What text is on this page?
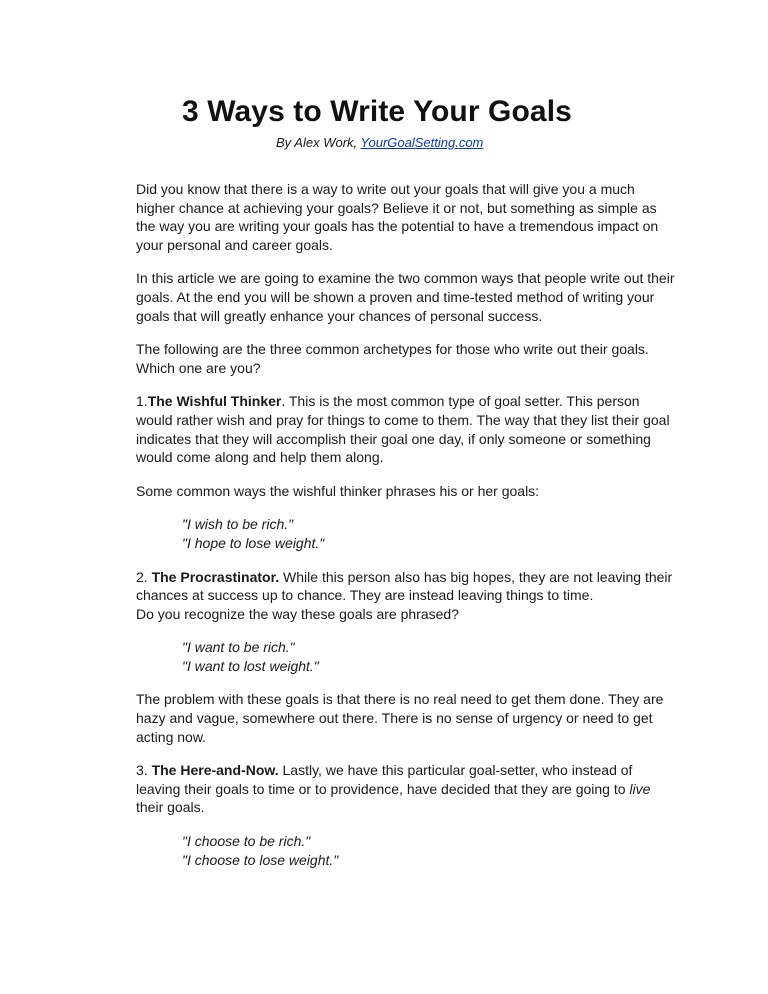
3 Ways to Write Your Goals
By Alex Work, YourGoalSetting.com

Did you know that there is a way to write out your goals that will give you a much higher chance at achieving your goals? Believe it or not, but something as simple as the way you are writing your goals has the potential to have a tremendous impact on your personal and career goals.

In this article we are going to examine the two common ways that people write out their goals. At the end you will be shown a proven and time-tested method of writing your goals that will greatly enhance your chances of personal success.

The following are the three common archetypes for those who write out their goals. Which one are you?

1.The Wishful Thinker. This is the most common type of goal setter. This person would rather wish and pray for things to come to them. The way that they list their goal indicates that they will accomplish their goal one day, if only someone or something would come along and help them along.

Some common ways the wishful thinker phrases his or her goals:

"I wish to be rich."
"I hope to lose weight."

2. The Procrastinator. While this person also has big hopes, they are not leaving their chances at success up to chance. They are instead leaving things to time.

Do you recognize the way these goals are phrased?

"I want to be rich."
"I want to lost weight."

The problem with these goals is that there is no real need to get them done. They are hazy and vague, somewhere out there. There is no sense of urgency or need to get acting now.

3. The Here-and-Now. Lastly, we have this particular goal-setter, who instead of leaving their goals to time or to providence, have decided that they are going to live their goals.

"I choose to be rich."
"I choose to lose weight."
